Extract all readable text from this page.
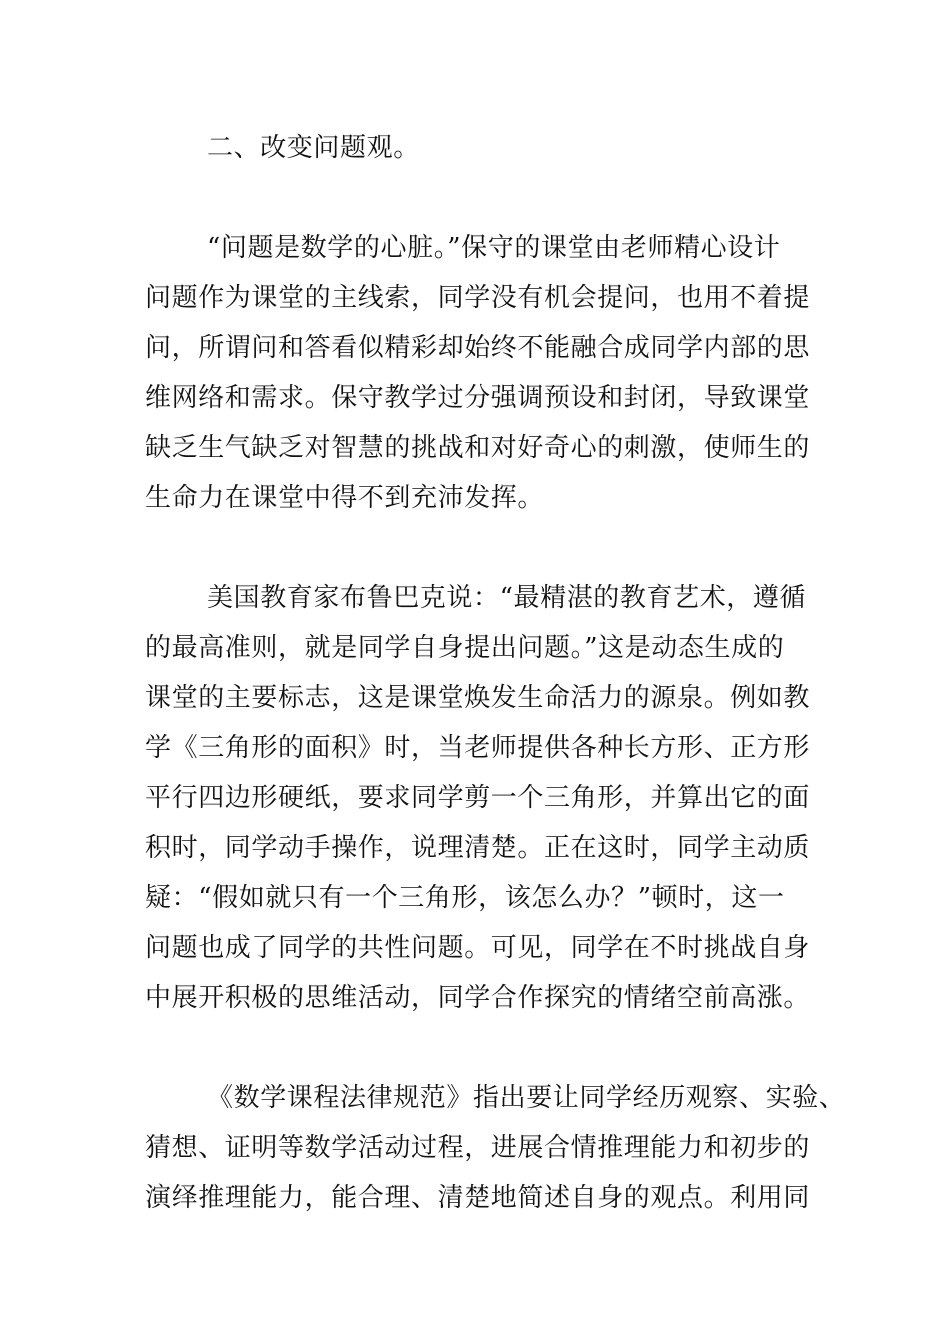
二、改变问题观。
“问题是数学的心脏。”保守的课堂由老师精心设计
问题作为课堂的主线索，同学没有机会提问，也用不着提
问，所谓问和答看似精彩却始终不能融合成同学内部的思
维网络和需求。保守教学过分强调预设和封闭，导致课堂
缺乏生气缺乏对智慧的挑战和对好奇心的刺激，使师生的
生命力在课堂中得不到充沛发挥。
美国教育家布鲁巴克说：“最精湛的教育艺术，遵循
的最高准则，就是同学自身提出问题。”这是动态生成的
课堂的主要标志，这是课堂焕发生命活力的源泉。例如教
学《三角形的面积》时，当老师提供各种长方形、正方形
平行四边形硬纸，要求同学剪一个三角形，并算出它的面
积时，同学动手操作，说理清楚。正在这时，同学主动质
疑：“假如就只有一个三角形，该怎么办？”顿时，这一
问题也成了同学的共性问题。可见，同学在不时挑战自身
中展开积极的思维活动，同学合作探究的情绪空前高涨。
《数学课程法律规范》指出要让同学经历观察、实验、
猜想、证明等数学活动过程，进展合情推理能力和初步的
演绎推理能力，能合理、清楚地简述自身的观点。利用同
